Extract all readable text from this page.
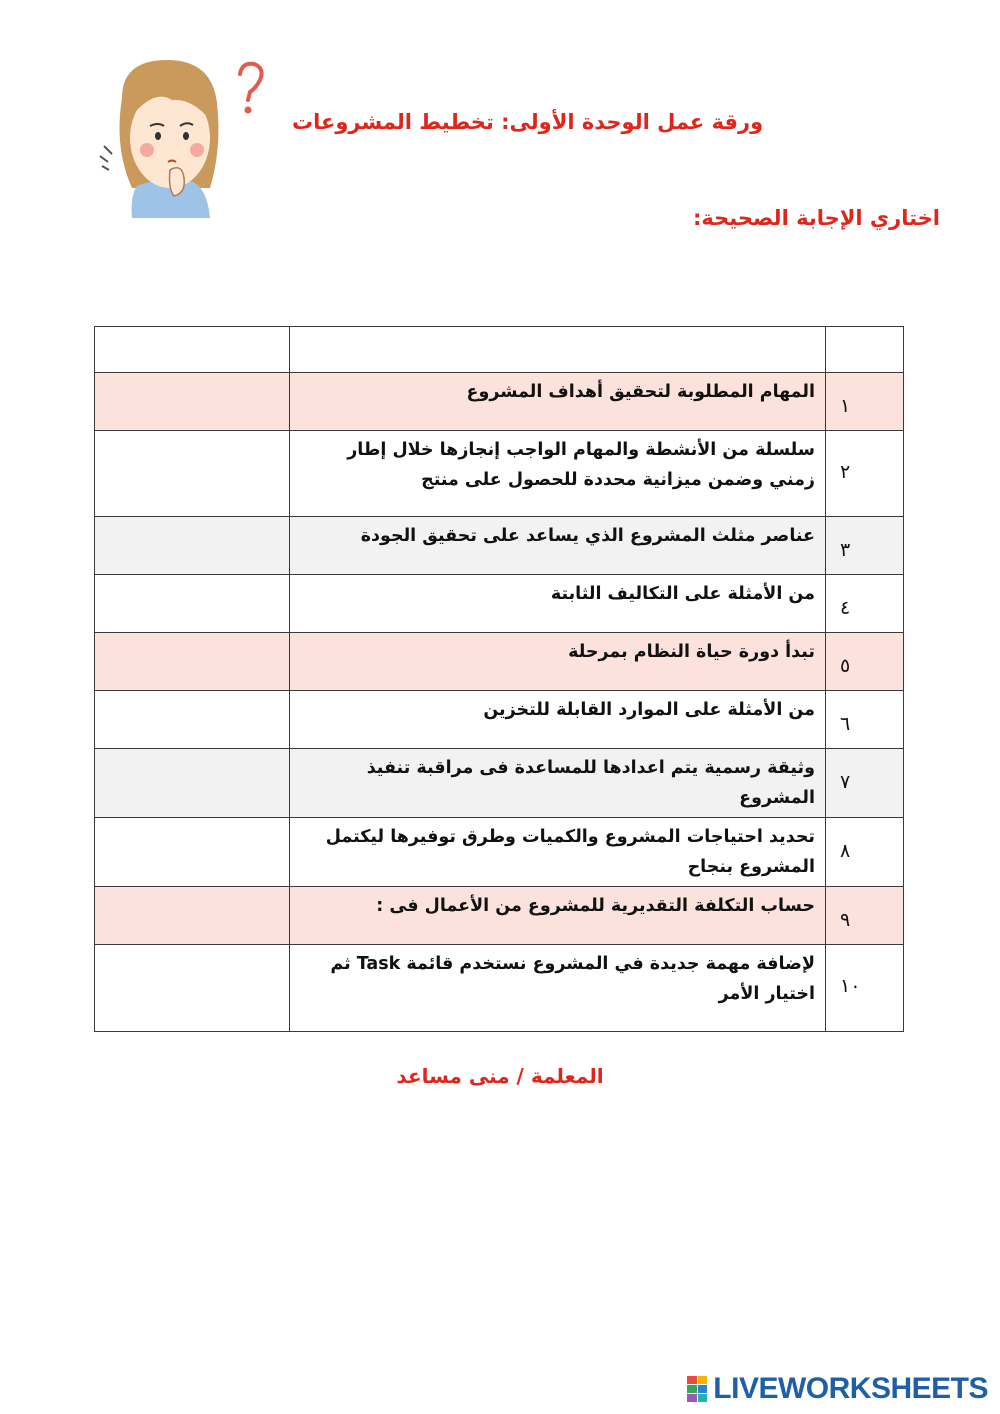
ورقة عمل الوحدة الأولى: تخطيط المشروعات
اختاري الإجابة الصحيحة:

١	المهام المطلوبة لتحقيق أهداف المشروع	

٢	سلسلة من الأنشطة والمهام الواجب إنجازها خلال إطار زمني وضمن ميزانية محددة للحصول على منتج	

٣	عناصر مثلث المشروع الذي يساعد على تحقيق الجودة	

٤	من الأمثلة على التكاليف الثابتة	

٥	تبدأ دورة حياة النظام بمرحلة	

٦	من الأمثلة على الموارد القابلة للتخزين	

٧	وثيقة رسمية يتم اعدادها للمساعدة فى مراقبة تنفيذ المشروع	

٨	تحديد احتياجات المشروع والكميات وطرق توفيرها ليكتمل المشروع بنجاح	

٩	حساب التكلفة التقديرية للمشروع من الأعمال فى :	

١٠	لإضافة مهمة جديدة في المشروع نستخدم قائمة Task ثم اختيار الأمر	

المعلمة / منى مساعد
LIVEWORKSHEETS
